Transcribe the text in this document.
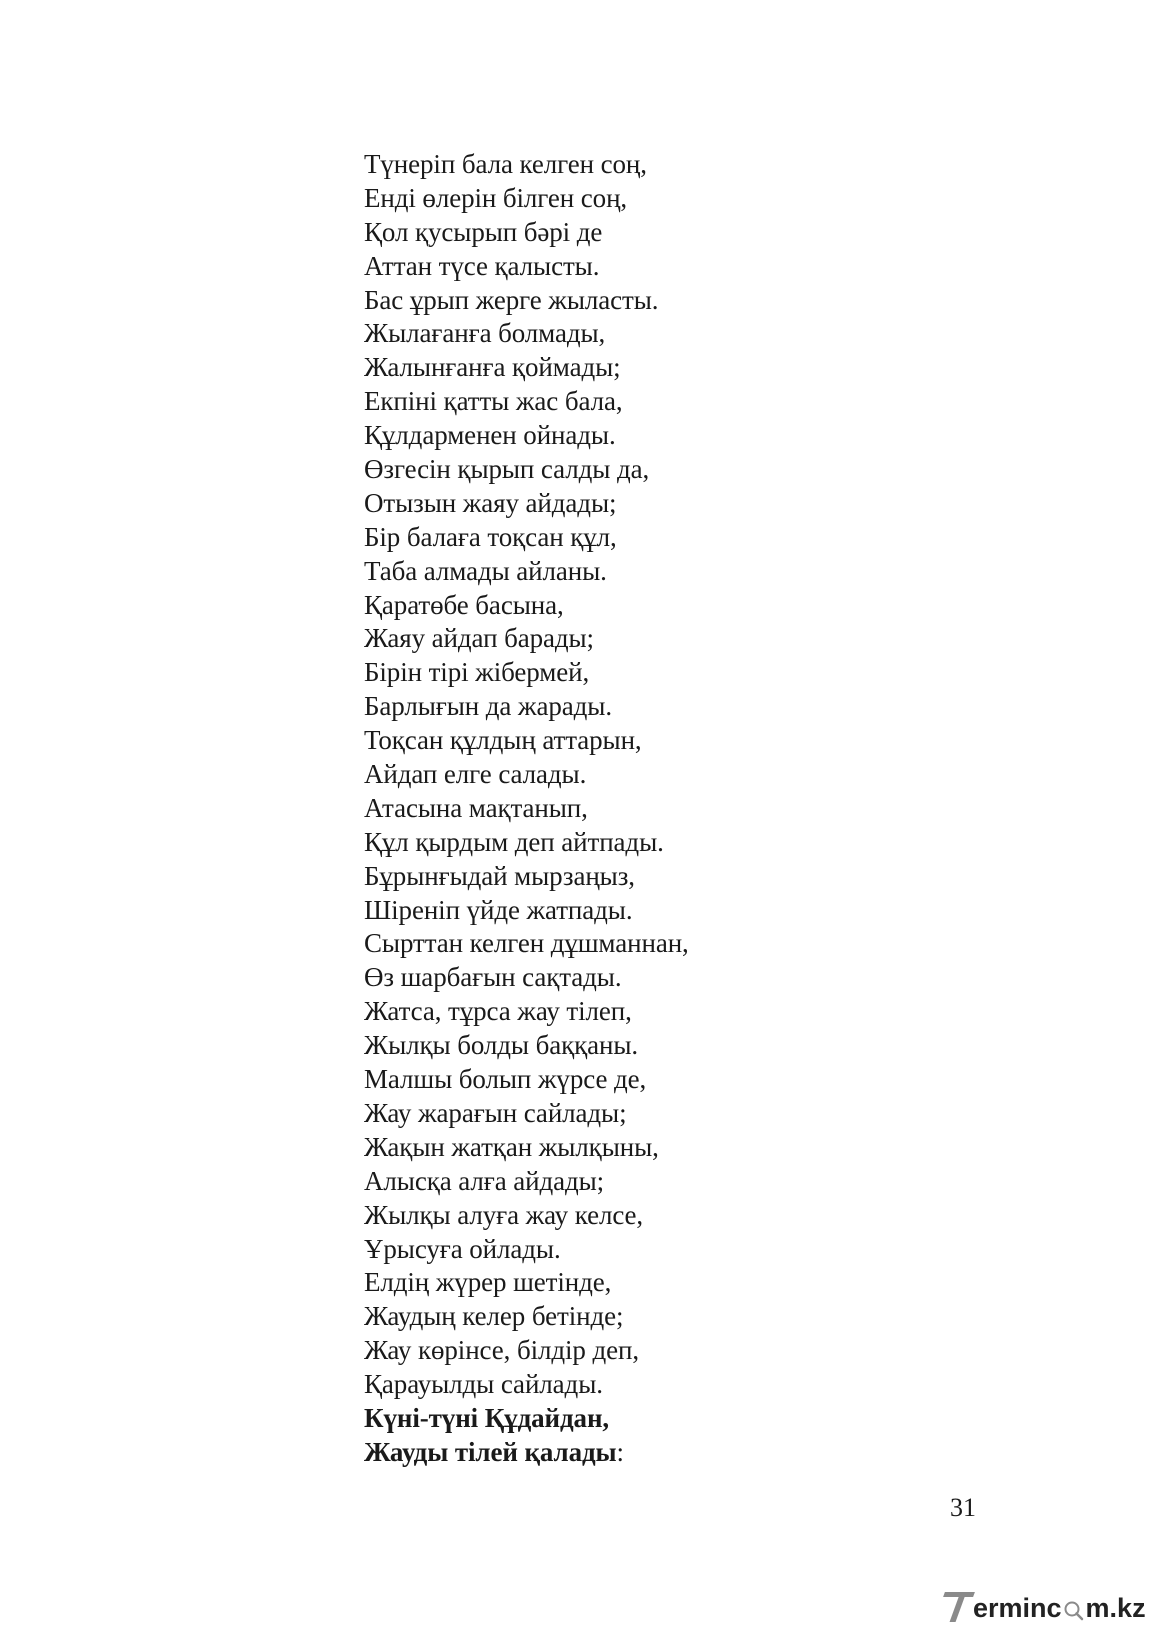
Түнеріп бала келген соң,
Енді өлерін білген соң,
Қол қусырып бәрі де
Аттан түсе қалысты.
Бас ұрып жерге жыласты.
Жылағанға болмады,
Жалынғанға қоймады;
Екпіні қатты жас бала,
Құлдарменен ойнады.
Өзгесін қырып салды да,
Отызын жаяу айдады;
Бір балаға тоқсан құл,
Таба алмады айланы.
Қаратөбе басына,
Жаяу айдап барады;
Бірін тірі жібермей,
Барлығын да жарады.
Тоқсан құлдың аттарын,
Айдап елге салады.
Атасына мақтанып,
Құл қырдым деп айтпады.
Бұрынғыдай мырзаңыз,
Шіреніп үйде жатпады.
Сырттан келген дұшманнан,
Өз шарбағын сақтады.
Жатса, тұрса жау тілеп,
Жылқы болды баққаны.
Малшы болып жүрсе де,
Жау жарағын сайлады;
Жақын жатқан жылқыны,
Алысқа алға айдады;
Жылқы алуға жау келсе,
Ұрысуға ойлады.
Елдің жүрер шетінде,
Жаудың келер бетінде;
Жау көрінсе, білдір деп,
Қарауылды сайлады.
Күні-түні Құдайдан,
Жауды тілей қалады:
31
erminc m.kz
